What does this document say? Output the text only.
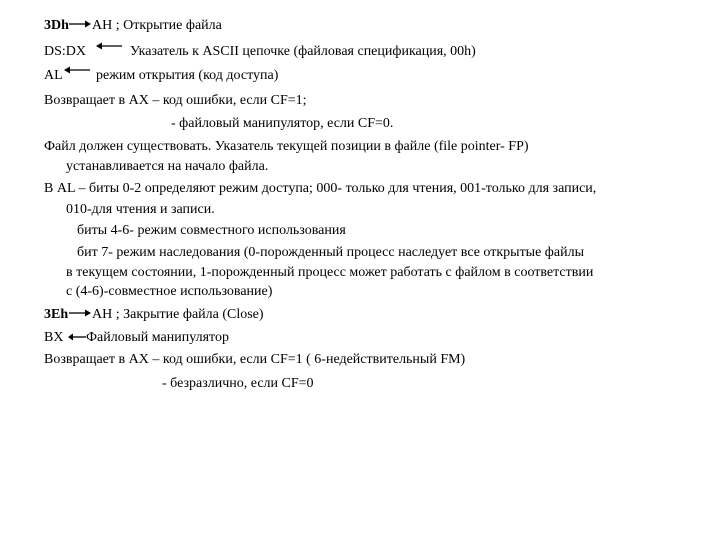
3Dh AH ; Открытие файла
DS:DX	Указатель к ASCII цепочке (файловая спецификация, 00h)
AL режим открытия (код доступа)
Возвращает в AX – код ошибки, если CF=1;
- файловый манипулятор, если CF=0.
Файл должен существовать. Указатель текущей позиции в файле (file pointer- FP)
устанавливается на начало файла.
В AL – биты 0-2 определяют режим доступа; 000- только для чтения, 001-только для записи,
010-для чтения и записи.
биты 4-6- режим совместного использования
бит 7- режим наследования (0-порожденный процесс наследует все открытые файлы
в текущем состоянии, 1-порожденный процесс может работать с файлом в соответствии
с (4-6)-совместное использование)
3Eh AH ; Закрытие файла (Close)
BX Файловый манипулятор
Возвращает в AX – код ошибки, если CF=1 ( 6-недействительный FM)
- безразлично, если CF=0
